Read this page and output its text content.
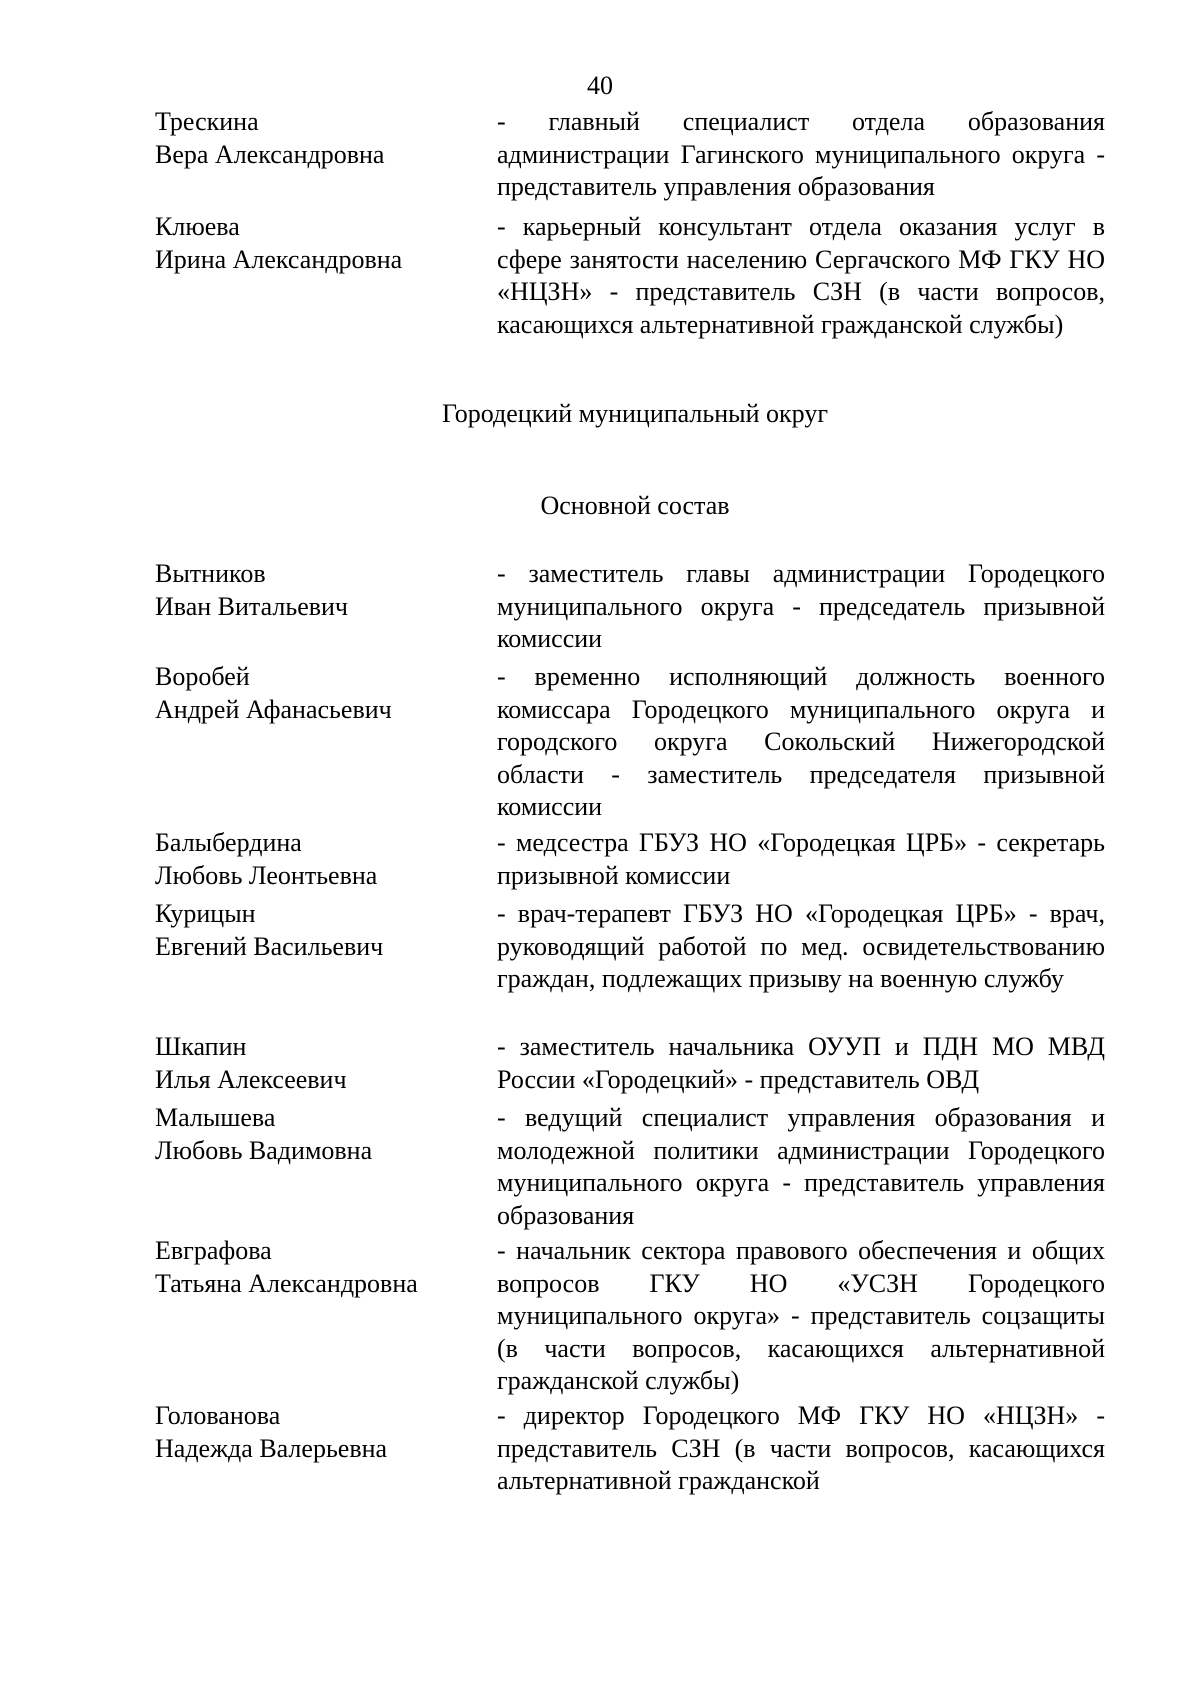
40
Трескина
Вера Александровна
- главный специалист отдела образования администрации Гагинского муниципального округа - представитель управления образования
Клюева
Ирина Александровна
- карьерный консультант отдела оказания услуг в сфере занятости населению Сергачского МФ ГКУ НО «НЦЗН» - представитель СЗН (в части вопросов, касающихся альтернативной гражданской службы)
Городецкий муниципальный округ
Основной состав
Вытников
Иван Витальевич
- заместитель главы администрации Городецкого муниципального округа - председатель призывной комиссии
Воробей
Андрей Афанасьевич
- временно исполняющий должность военного комиссара Городецкого муниципального округа и городского округа Сокольский Нижегородской области - заместитель председателя призывной комиссии
Балыбердина
Любовь Леонтьевна
- медсестра ГБУЗ НО «Городецкая ЦРБ» - секретарь призывной комиссии
Курицын
Евгений Васильевич
- врач-терапевт ГБУЗ НО «Городецкая ЦРБ» - врач, руководящий работой по мед. освидетельствованию граждан, подлежащих призыву на военную службу
Шкапин
Илья Алексеевич
- заместитель начальника ОУУП и ПДН МО МВД России «Городецкий» - представитель ОВД
Малышева
Любовь Вадимовна
- ведущий специалист управления образования и молодежной политики администрации Городецкого муниципального округа - представитель управления образования
Евграфова
Татьяна Александровна
- начальник сектора правового обеспечения и общих вопросов ГКУ НО «УСЗН Городецкого муниципального округа» - представитель соцзащиты (в части вопросов, касающихся альтернативной гражданской службы)
Голованова
Надежда Валерьевна
- директор Городецкого МФ ГКУ НО «НЦЗН» - представитель СЗН (в части вопросов, касающихся альтернативной гражданской
